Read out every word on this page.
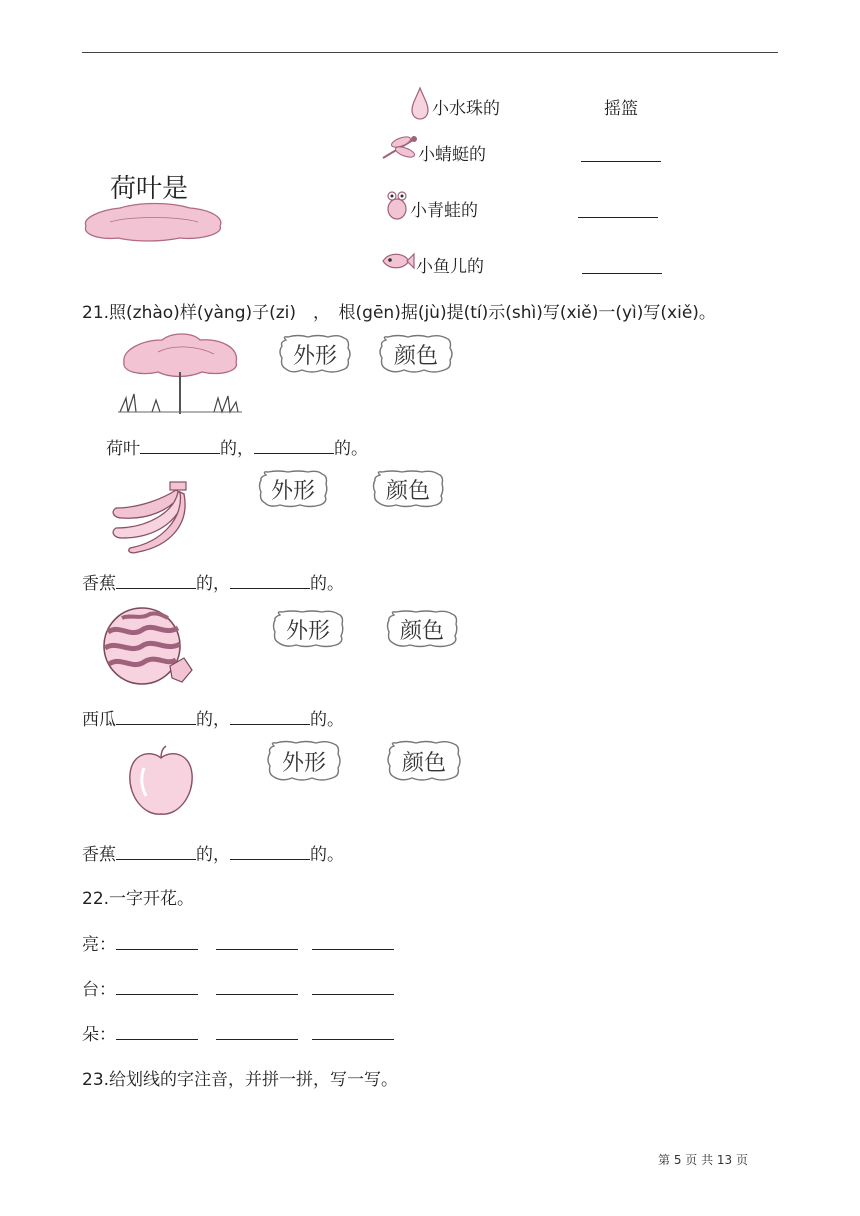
荷叶是
小水珠的	摇篮
小蜻蜓的
小青蛙的
小鱼儿的
21.照(zhào)样(yàng)子(zi)　，　根(gēn)据(jù)提(tí)示(shì)写(xiě)一(yì)写(xiě)。
外形	颜色
荷叶	的，	的。
外形	颜色
香蕉	的，	的。
外形	颜色
西瓜	的，	的。
外形	颜色
香蕉	的，	的。
22.一字开花。
亮：
台：
朵：
23.给划线的字注音，并拼一拼，写一写。
第 5 页 共 13 页
